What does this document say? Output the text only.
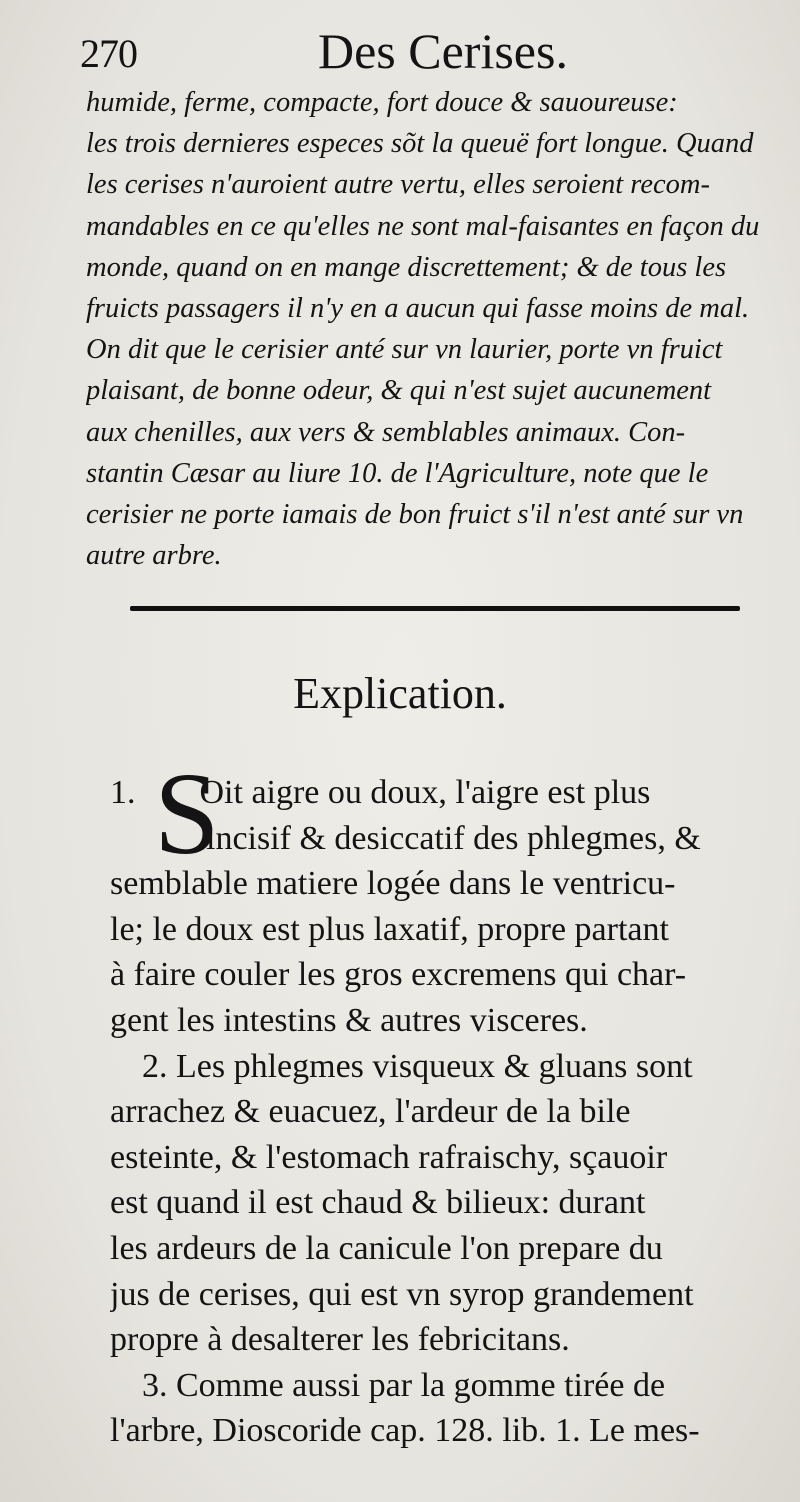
270	Des Cerises.
humide, ferme, compacte, fort douce & sauoureuse:
les trois dernieres especes sõt la queuë fort longue. Quand
les cerises n'auroient autre vertu, elles seroient recom-
mandables en ce qu'elles ne sont mal-faisantes en façon du
monde, quand on en mange discrettement; & de tous les
fruicts passagers il n'y en a aucun qui fasse moins de mal.
On dit que le cerisier anté sur vn laurier, porte vn fruict
plaisant, de bonne odeur, & qui n'est sujet aucunement
aux chenilles, aux vers & semblables animaux. Con-
stantin Cæsar au liure 10. de l'Agriculture, note que le
cerisier ne porte iamais de bon fruict s'il n'est anté sur vn
autre arbre.
Explication.
S
1. Oit aigre ou doux, l'aigre est plus
incisif & desiccatif des phlegmes, &
semblable matiere logée dans le ventricu-
le; le doux est plus laxatif, propre partant
à faire couler les gros excremens qui char-
gent les intestins & autres visceres.
2. Les phlegmes visqueux & gluans sont
arrachez & euacuez, l'ardeur de la bile
esteinte, & l'estomach rafraischy, sçauoir
est quand il est chaud & bilieux: durant
les ardeurs de la canicule l'on prepare du
jus de cerises, qui est vn syrop grandement
propre à desalterer les febricitans.
3. Comme aussi par la gomme tirée de
l'arbre, Dioscoride cap. 128. lib. 1. Le mes-
